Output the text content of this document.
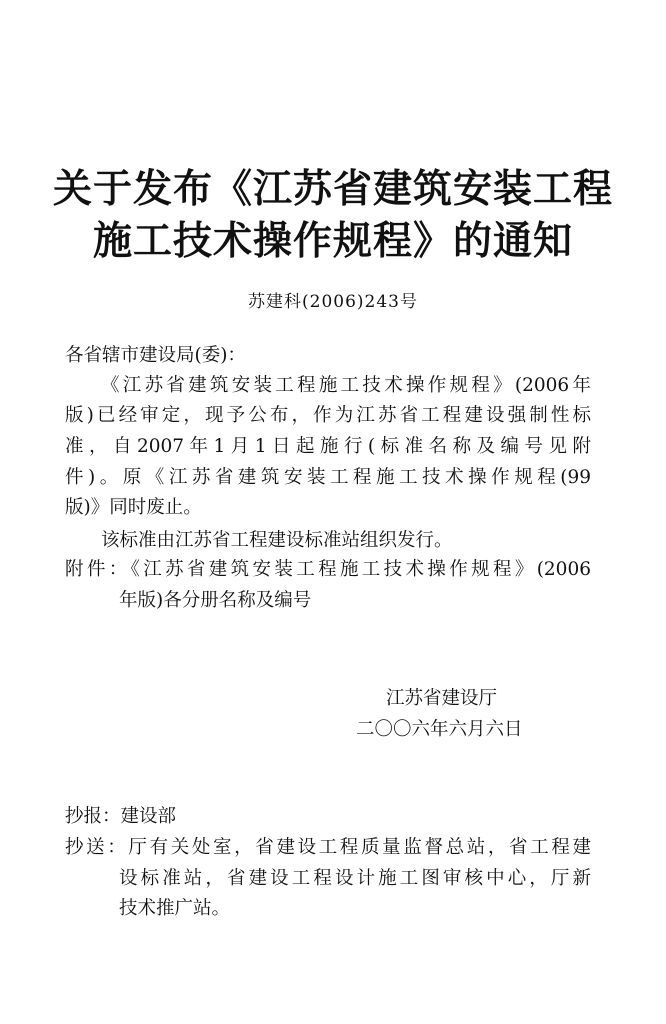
关于发布《江苏省建筑安装工程
施工技术操作规程》的通知
苏建科(2006)243号
各省辖市建设局(委)：
《江苏省建筑安装工程施工技术操作规程》(2006年
版)已经审定，现予公布，作为江苏省工程建设强制性标
准，自2007年1月1日起施行(标准名称及编号见附
件)。原《江苏省建筑安装工程施工技术操作规程(99
版)》同时废止。
该标准由江苏省工程建设标准站组织发行。
附件：《江苏省建筑安装工程施工技术操作规程》(2006
年版)各分册名称及编号
江苏省建设厅
二〇〇六年六月六日
抄报：建设部
抄送：厅有关处室，省建设工程质量监督总站，省工程建
设标准站，省建设工程设计施工图审核中心，厅新
技术推广站。
